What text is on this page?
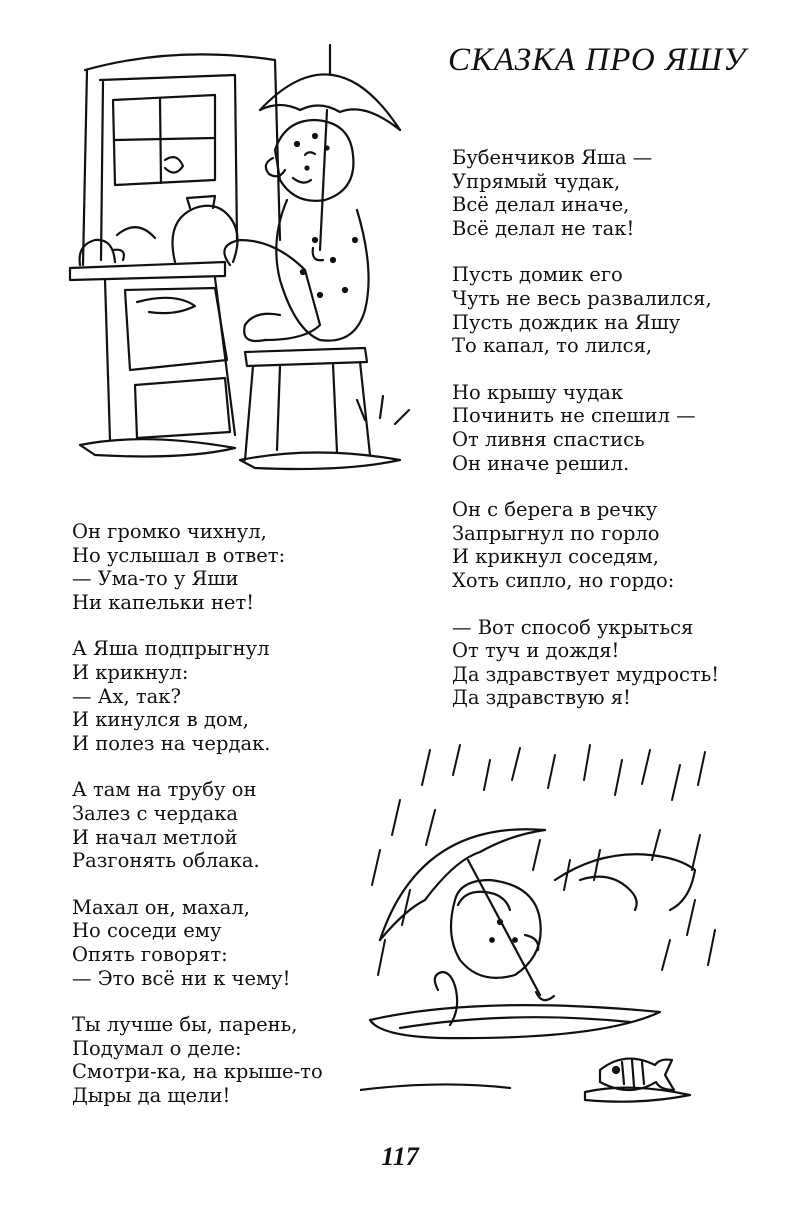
СКАЗКА ПРО ЯШУ
Бубенчиков Яша —
Упрямый чудак,
Всё делал иначе,
Всё делал не так!
Пусть домик его
Чуть не весь развалился,
Пусть дождик на Яшу
То капал, то лился,
Но крышу чудак
Починить не спешил —
От ливня спастись
Он иначе решил.
Он с берега в речку
Запрыгнул по горло
И крикнул соседям,
Хоть сипло, но гордо:
— Вот способ укрыться
От туч и дождя!
Да здравствует мудрость!
Да здравствую я!
Он громко чихнул,
Но услышал в ответ:
— Ума-то у Яши
Ни капельки нет!
А Яша подпрыгнул
И крикнул:
— Ах, так?
И кинулся в дом,
И полез на чердак.
А там на трубу он
Залез с чердака
И начал метлой
Разгонять облака.
Махал он, махал,
Но соседи ему
Опять говорят:
— Это всё ни к чему!
Ты лучше бы, парень,
Подумал о деле:
Смотри-ка, на крыше-то
Дыры да щели!
117
